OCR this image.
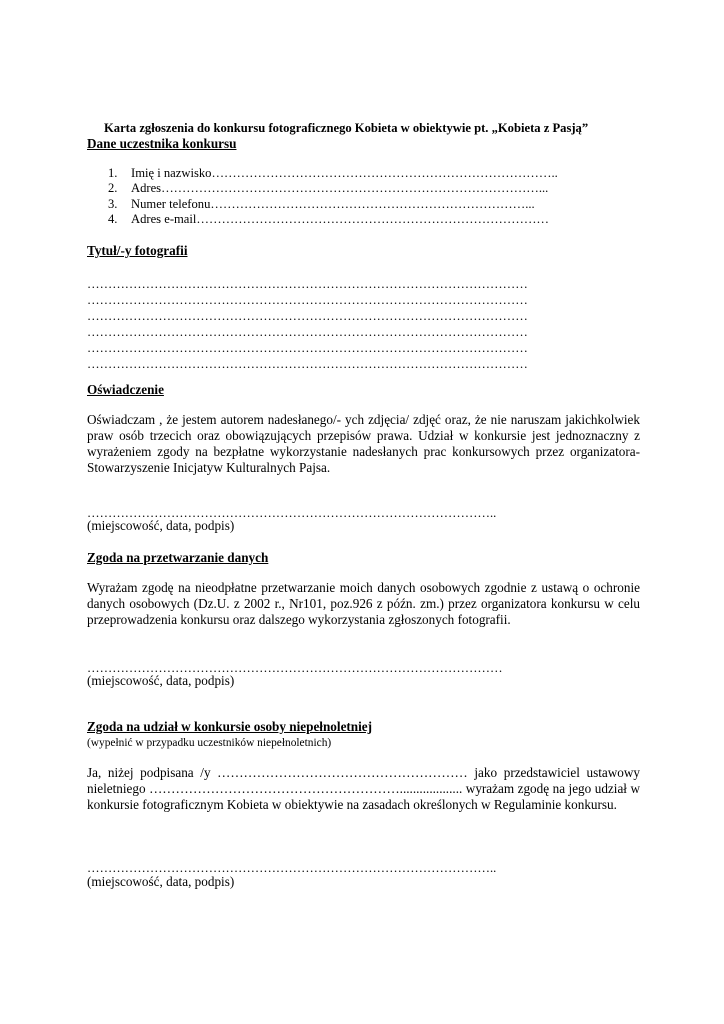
Karta zgłoszenia do konkursu fotograficznego Kobieta w obiektywie pt. „Kobieta z Pasją”
Dane uczestnika konkursu
1. Imię i nazwisko………………………………………………………………………..
2. Adres………………………………………………………………………………...
3. Numer telefonu…………………………………………………………………...
4. Adres e-mail…………………………………………………………………………
Tytuł/-y fotografii
……………………………………………………………………………………………
……………………………………………………………………………………………
……………………………………………………………………………………………
……………………………………………………………………………………………
……………………………………………………………………………………………
……………………………………………………………………………………………
Oświadczenie
Oświadczam , że jestem autorem nadesłanego/- ych zdjęcia/ zdjęć oraz, że nie naruszam jakichkolwiek praw osób trzecich oraz obowiązujących przepisów prawa. Udział w konkursie jest jednoznaczny z wyrażeniem zgody na bezpłatne wykorzystanie nadesłanych prac konkursowych przez organizatora-Stowarzyszenie Inicjatyw Kulturalnych Pajsa.
……………………………………………………………………………………..
(miejscowość, data, podpis)
Zgoda na przetwarzanie danych
Wyrażam zgodę na nieodpłatne przetwarzanie moich danych osobowych zgodnie z ustawą o ochronie danych osobowych (Dz.U. z 2002 r., Nr101, poz.926 z późn. zm.) przez organizatora konkursu w celu przeprowadzenia konkursu oraz dalszego wykorzystania zgłoszonych fotografii.
………………………………………………………………………………………
(miejscowość, data, podpis)
Zgoda na udział w konkursie osoby niepełnoletniej
(wypełnić w przypadku uczestników niepełnoletnich)
Ja, niżej podpisana /y ………………………………………………… jako przedstawiciel ustawowy nieletniego …………………………………………………................... wyrażam zgodę na jego udział w konkursie fotograficznym Kobieta w obiektywie na zasadach określonych w Regulaminie konkursu.
……………………………………………………………………………………..
(miejscowość, data, podpis)
